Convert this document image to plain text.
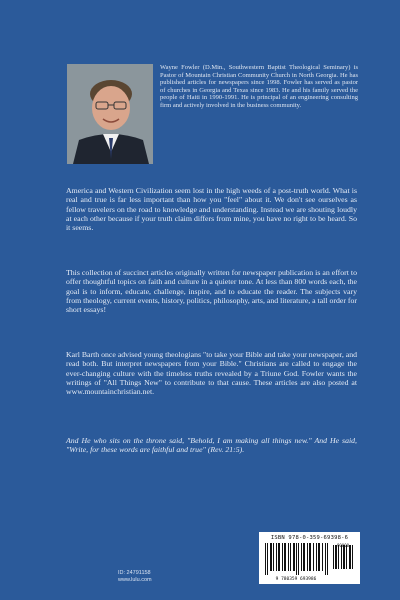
Wayne Fowler (D.Min., Southwestern Baptist Theological Seminary) is Pastor of Mountain Christian Community Church in North Georgia. He has published articles for newspapers since 1998. Fowler has served as pastor of churches in Georgia and Texas since 1983. He and his family served the people of Haiti in 1990-1991. He is principal of an engineering consulting firm and actively involved in the business community.
America and Western Civilization seem lost in the high weeds of a post-truth world. What is real and true is far less important than how you "feel" about it. We don't see ourselves as fellow travelers on the road to knowledge and understanding. Instead we are shouting loudly at each other because if your truth claim differs from mine, you have no right to be heard. So it seems.
This collection of succinct articles originally written for newspaper publication is an effort to offer thoughtful topics on faith and culture in a quieter tone. At less than 800 words each, the goal is to inform, educate, challenge, inspire, and to educate the reader. The subjects vary from theology, current events, history, politics, philosophy, arts, and literature, a tall order for short essays!
Karl Barth once advised young theologians "to take your Bible and take your newspaper, and read both. But interpret newspapers from your Bible." Christians are called to engage the ever-changing culture with the timeless truths revealed by a Triune God. Fowler wants the writings of "All Things New" to contribute to that cause. These articles are also posted at www.mountainchristian.net.
And He who sits on the throne said, "Behold, I am making all things new." And He said, "Write, for these words are faithful and true" (Rev. 21:5).
ID: 24791158
www.lulu.com
ISBN 978-0-359-69398-6
90000
9 780359 693986
